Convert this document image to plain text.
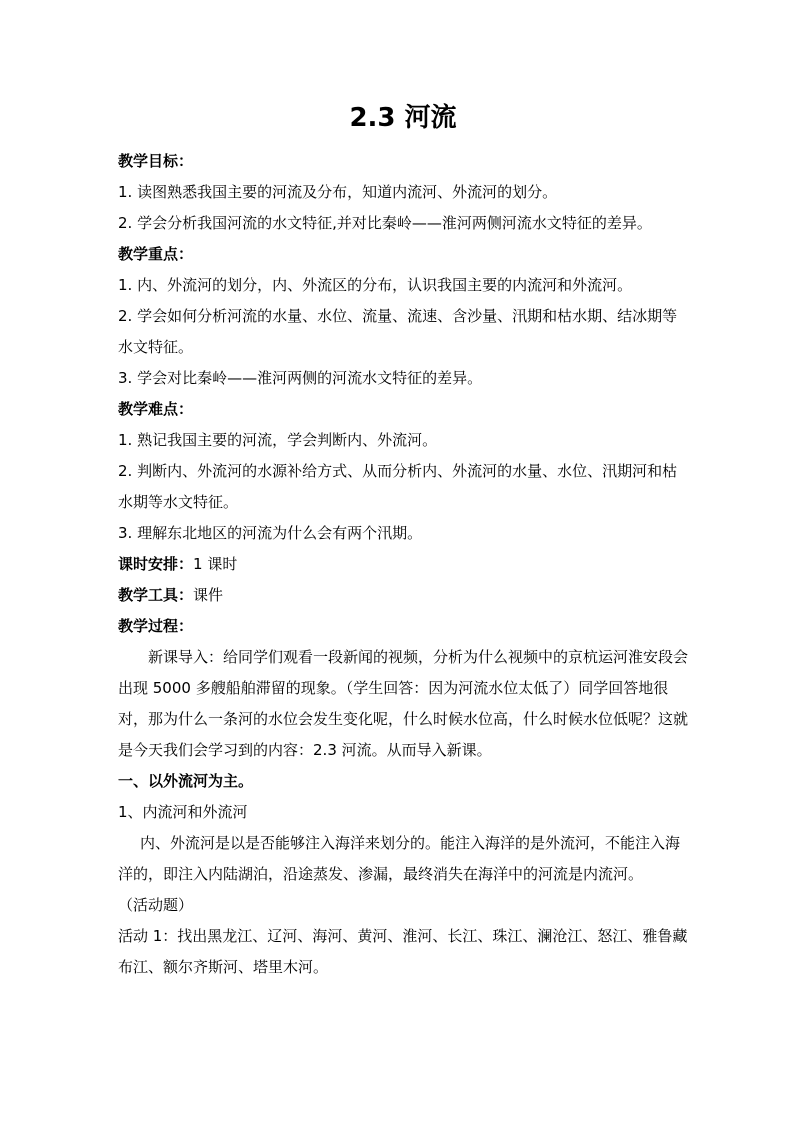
2.3 河流
教学目标：
1. 读图熟悉我国主要的河流及分布，知道内流河、外流河的划分。
2. 学会分析我国河流的水文特征,并对比秦岭——淮河两侧河流水文特征的差异。
教学重点：
1. 内、外流河的划分，内、外流区的分布，认识我国主要的内流河和外流河。
2. 学会如何分析河流的水量、水位、流量、流速、含沙量、汛期和枯水期、结冰期等水文特征。
3. 学会对比秦岭——淮河两侧的河流水文特征的差异。
教学难点：
1. 熟记我国主要的河流，学会判断内、外流河。
2. 判断内、外流河的水源补给方式、从而分析内、外流河的水量、水位、汛期河和枯水期等水文特征。
3. 理解东北地区的河流为什么会有两个汛期。
课时安排：1 课时
教学工具：课件
教学过程：
新课导入：给同学们观看一段新闻的视频，分析为什么视频中的京杭运河淮安段会出现 5000 多艘船舶滞留的现象。（学生回答：因为河流水位太低了）同学回答地很对，那为什么一条河的水位会发生变化呢，什么时候水位高，什么时候水位低呢？这就是今天我们会学习到的内容：2.3 河流。从而导入新课。
一、以外流河为主。
1、内流河和外流河
内、外流河是以是否能够注入海洋来划分的。能注入海洋的是外流河，不能注入海洋的，即注入内陆湖泊，沿途蒸发、渗漏，最终消失在海洋中的河流是内流河。
（活动题）
活动 1：找出黑龙江、辽河、海河、黄河、淮河、长江、珠江、澜沧江、怒江、雅鲁藏布江、额尔齐斯河、塔里木河。
